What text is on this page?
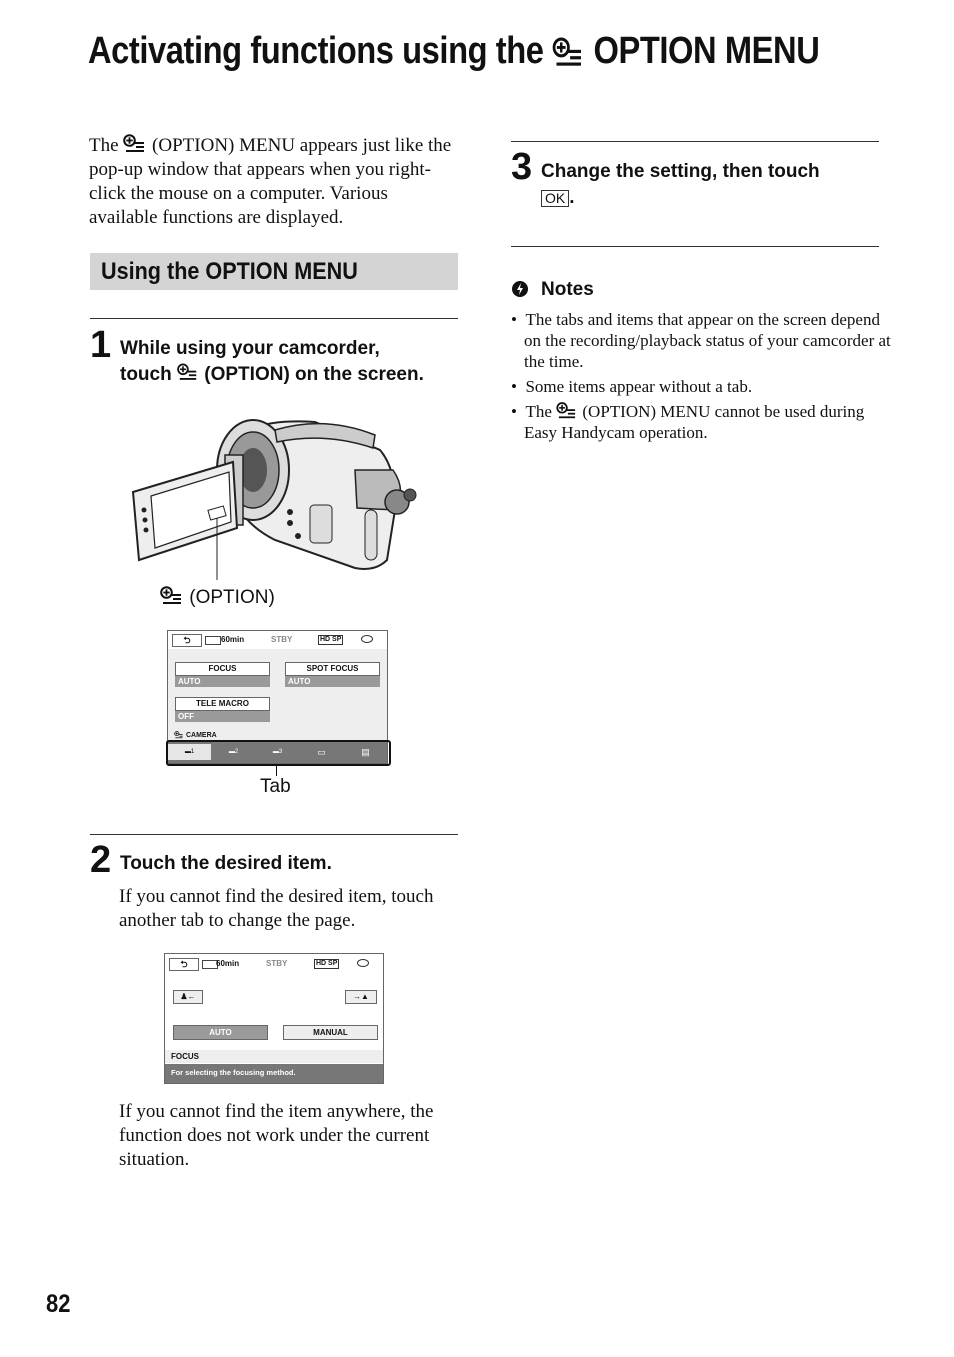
Activating functions using the OPTION MENU
The (OPTION) MENU appears just like the pop-up window that appears when you right-click the mouse on a computer. Various available functions are displayed.
Using the OPTION MENU
1 While using your camcorder,
touch (OPTION) on the screen.
(OPTION)
⮌	60min	STBY	HD SP
FOCUS
AUTO
SPOT FOCUS
AUTO
TELE MACRO
OFF
CAMERA
▬1	▬2	▬3	▭	▤
Tab
2 Touch the desired item.
If you cannot find the desired item, touch another tab to change the page.
⮌	60min	STBY	HD SP
♟←	→▲
AUTO	MANUAL
FOCUS
For selecting the focusing method.
If you cannot find the item anywhere, the function does not work under the current situation.
3 Change the setting, then touch
OK .
Notes
•  The tabs and items that appear on the screen depend on the recording/playback status of your camcorder at the time.
•  Some items appear without a tab.
•  The (OPTION) MENU cannot be used during Easy Handycam operation.
82
